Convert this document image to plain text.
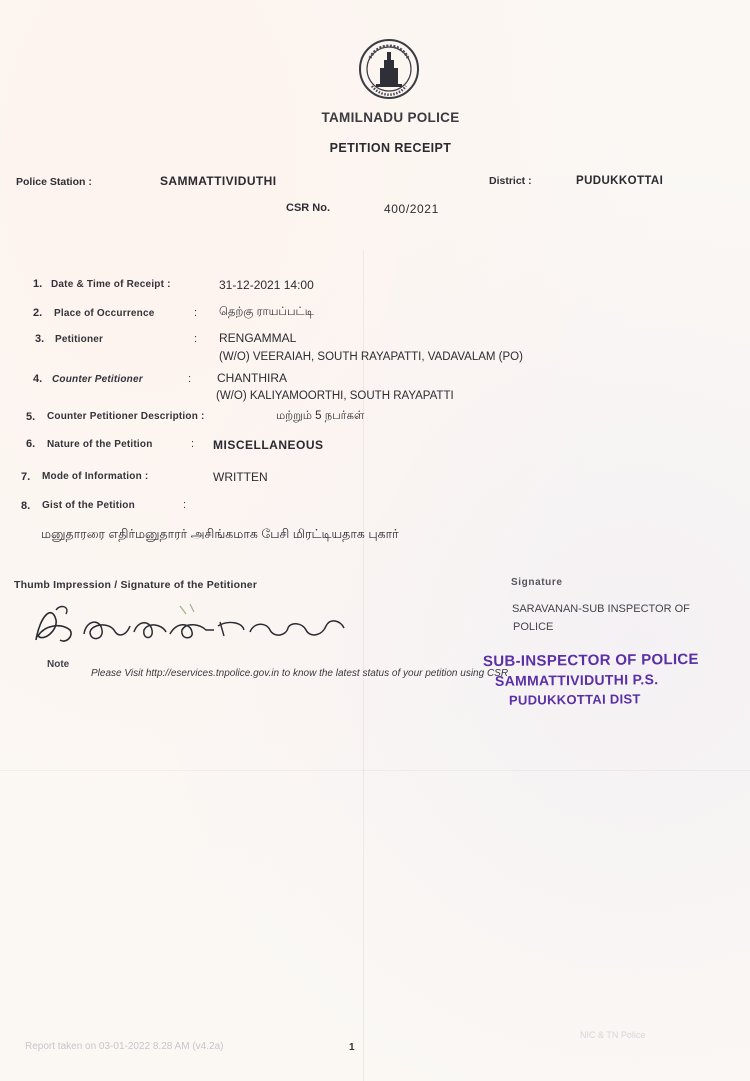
TAMILNADU POLICE
PETITION RECEIPT
Police Station :	SAMMATTIVIDUTHI	District :	PUDUKKOTTAI
CSR No.	400/2021
1. Date & Time of Receipt :	31-12-2021 14:00
2. Place of Occurrence	: தெற்கு ராயப்பட்டி
3. Petitioner	: RENGAMMAL
(W/O) VEERAIAH, SOUTH RAYAPATTI, VADAVALAM (PO)
4. Counter Petitioner	: CHANTHIRA
(W/O) KALIYAMOORTHI, SOUTH RAYAPATTI
5. Counter Petitioner Description :	மற்றும் 5 நபர்கள்
6. Nature of the Petition	: MISCELLANEOUS
7. Mode of Information :	WRITTEN
8. Gist of the Petition	:
மனுதாரரை எதிர்மனுதாரர் அசிங்கமாக பேசி மிரட்டியதாக புகார்
Thumb Impression / Signature of the Petitioner	Signature
SARAVANAN-SUB INSPECTOR OF
POLICE
Note
Please Visit http://eservices.tnpolice.gov.in to know the latest status of your petition using CSR
SUB-INSPECTOR OF POLICE
SAMMATTIVIDUTHI P.S.
PUDUKKOTTAI DIST
Report taken on 03-01-2022 8.28 AM (v4.2a)	1
NIC & TN Police
